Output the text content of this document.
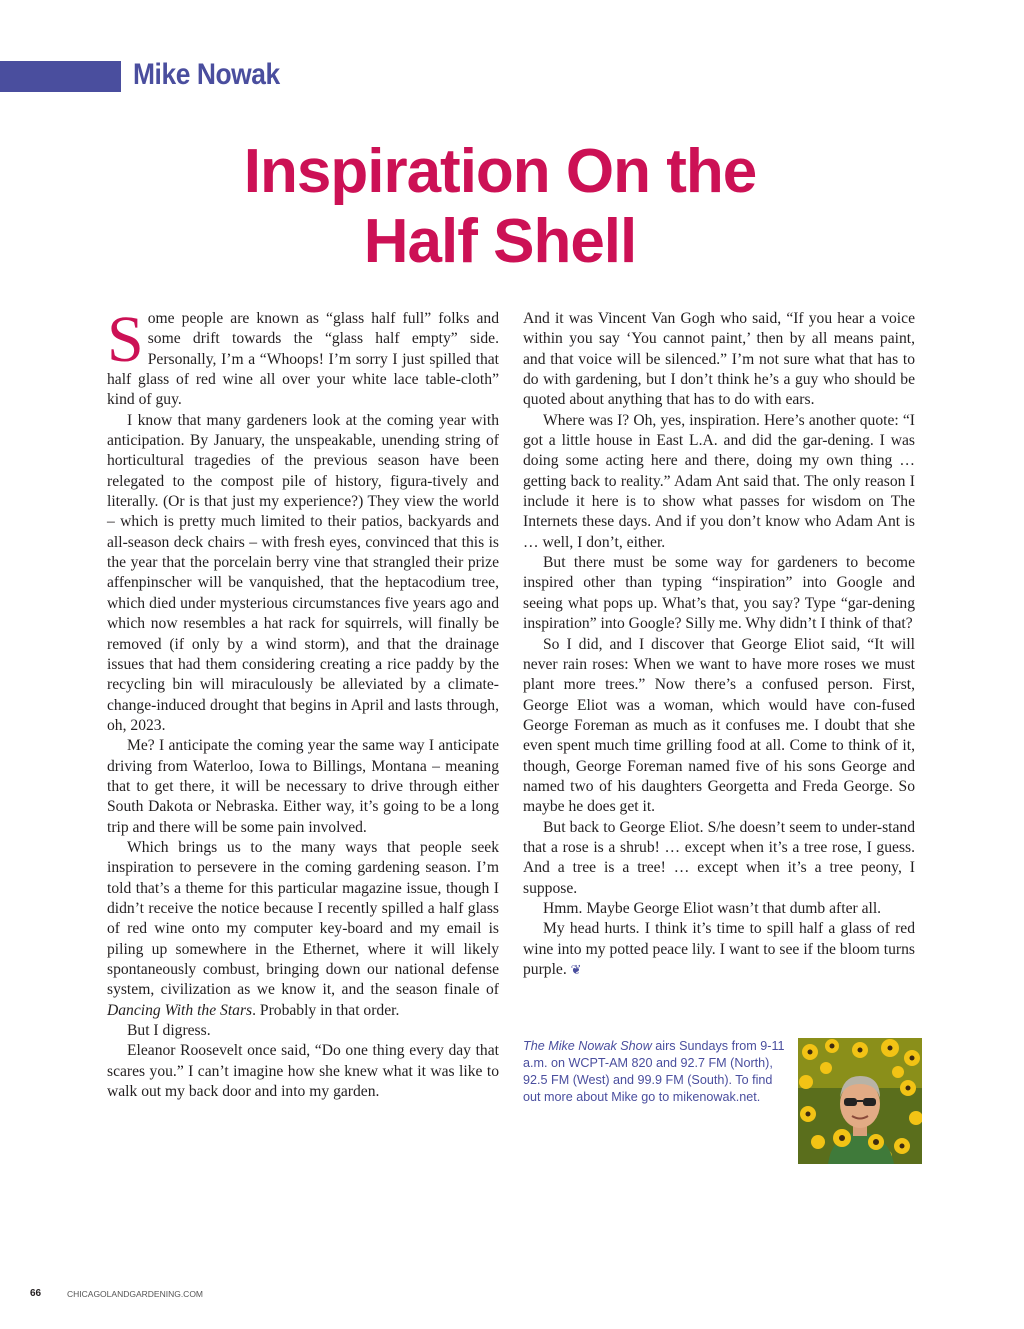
Mike Nowak
Inspiration On the
Half Shell

Some people are known as “glass half full” folks and some drift towards the “glass half empty” side. Personally, I’m a “Whoops! I’m sorry I just spilled that half glass of red wine all over your white lace table-cloth” kind of guy.

I know that many gardeners look at the coming year with anticipation. By January, the unspeakable, unending string of horticultural tragedies of the previous season have been relegated to the compost pile of history, figura-tively and literally. (Or is that just my experience?) They view the world – which is pretty much limited to their patios, backyards and all-season deck chairs – with fresh eyes, convinced that this is the year that the porcelain berry vine that strangled their prize affenpinscher will be vanquished, that the heptacodium tree, which died under mysterious circumstances five years ago and which now resembles a hat rack for squirrels, will finally be removed (if only by a wind storm), and that the drainage issues that had them considering creating a rice paddy by the recycling bin will miraculously be alleviated by a climate-change-induced drought that begins in April and lasts through, oh, 2023.

Me? I anticipate the coming year the same way I anticipate driving from Waterloo, Iowa to Billings, Montana – meaning that to get there, it will be necessary to drive through either South Dakota or Nebraska. Either way, it’s going to be a long trip and there will be some pain involved.

Which brings us to the many ways that people seek inspiration to persevere in the coming gardening season. I’m told that’s a theme for this particular magazine issue, though I didn’t receive the notice because I recently spilled a half glass of red wine onto my computer key-board and my email is piling up somewhere in the Ethernet, where it will likely spontaneously combust, bringing down our national defense system, civilization as we know it, and the season finale of Dancing With the Stars. Probably in that order.

But I digress.

Eleanor Roosevelt once said, “Do one thing every day that scares you.” I can’t imagine how she knew what it was like to walk out my back door and into my garden.

And it was Vincent Van Gogh who said, “If you hear a voice within you say ‘You cannot paint,’ then by all means paint, and that voice will be silenced.” I’m not sure what that has to do with gardening, but I don’t think he’s a guy who should be quoted about anything that has to do with ears.

Where was I? Oh, yes, inspiration. Here’s another quote: “I got a little house in East L.A. and did the gar-dening. I was doing some acting here and there, doing my own thing … getting back to reality.” Adam Ant said that. The only reason I include it here is to show what passes for wisdom on The Internets these days. And if you don’t know who Adam Ant is … well, I don’t, either.

But there must be some way for gardeners to become inspired other than typing “inspiration” into Google and seeing what pops up. What’s that, you say? Type “gar-dening inspiration” into Google? Silly me. Why didn’t I think of that?

So I did, and I discover that George Eliot said, “It will never rain roses: When we want to have more roses we must plant more trees.” Now there’s a confused person. First, George Eliot was a woman, which would have con-fused George Foreman as much as it confuses me. I doubt that she even spent much time grilling food at all. Come to think of it, though, George Foreman named five of his sons George and named two of his daughters Georgetta and Freda George. So maybe he does get it.

But back to George Eliot. S/he doesn’t seem to under-stand that a rose is a shrub! … except when it’s a tree rose, I guess. And a tree is a tree! … except when it’s a tree peony, I suppose.

Hmm. Maybe George Eliot wasn’t that dumb after all.

My head hurts. I think it’s time to spill half a glass of red wine into my potted peace lily. I want to see if the bloom turns purple. ❦

The Mike Nowak Show airs Sundays from 9-11 a.m. on WCPT-AM 820 and 92.7 FM (North), 92.5 FM (West) and 99.9 FM (South). To find out more about Mike go to mikenowak.net.
66	CHICAGOLANDGARDENING.COM
